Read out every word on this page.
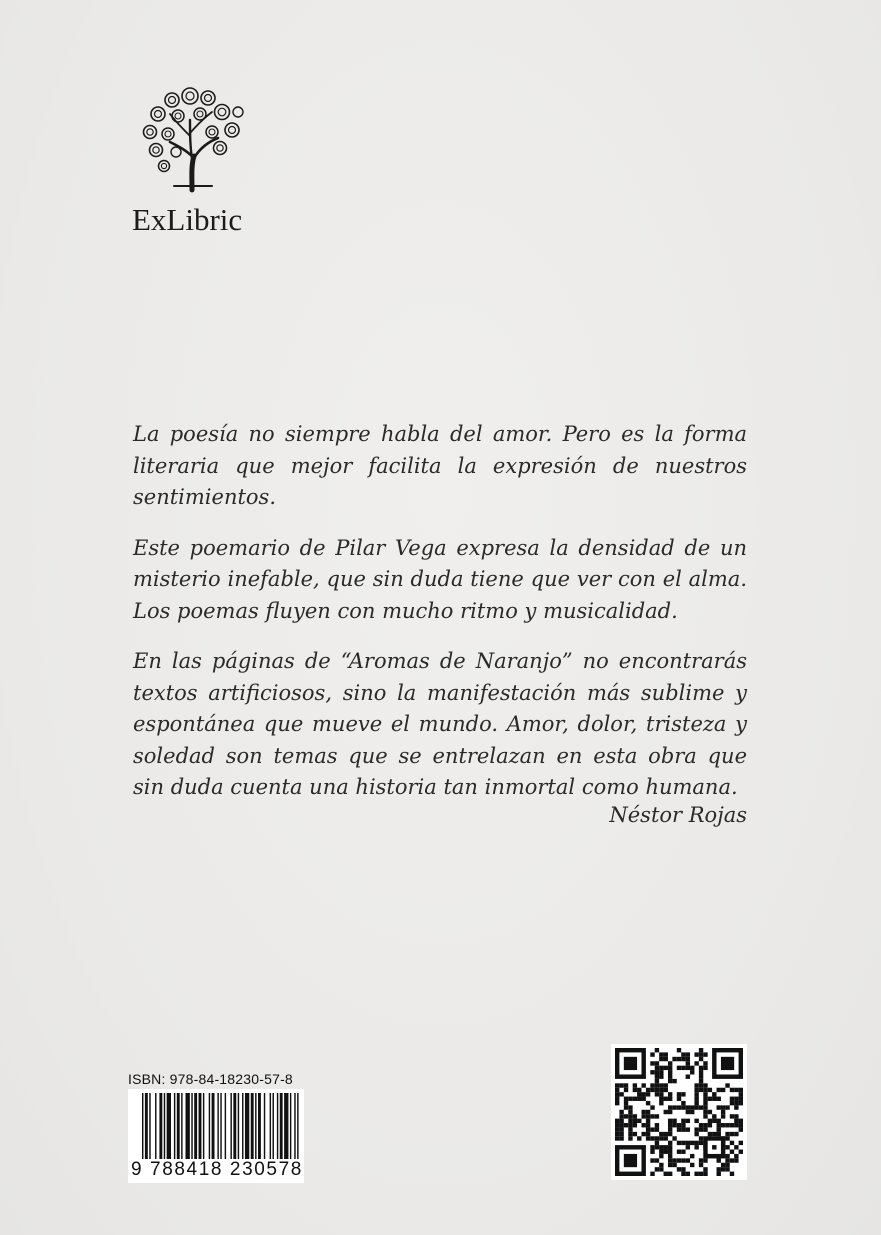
ExLibric

La poesía no siempre habla del amor. Pero es la forma literaria que mejor facilita la expresión de nuestros sentimientos.

Este poemario de Pilar Vega expresa la densidad de un misterio inefable, que sin duda tiene que ver con el alma. Los poemas fluyen con mucho ritmo y musicalidad.

En las páginas de “Aromas de Naranjo” no encontrarás textos artificiosos, sino la manifestación más sublime y espontánea que mueve el mundo. Amor, dolor, tristeza y soledad son temas que se entrelazan en esta obra que sin duda cuenta una historia tan inmortal como humana.

Néstor Rojas
ISBN: 978-84-18230-57-8
9 788418 230578
